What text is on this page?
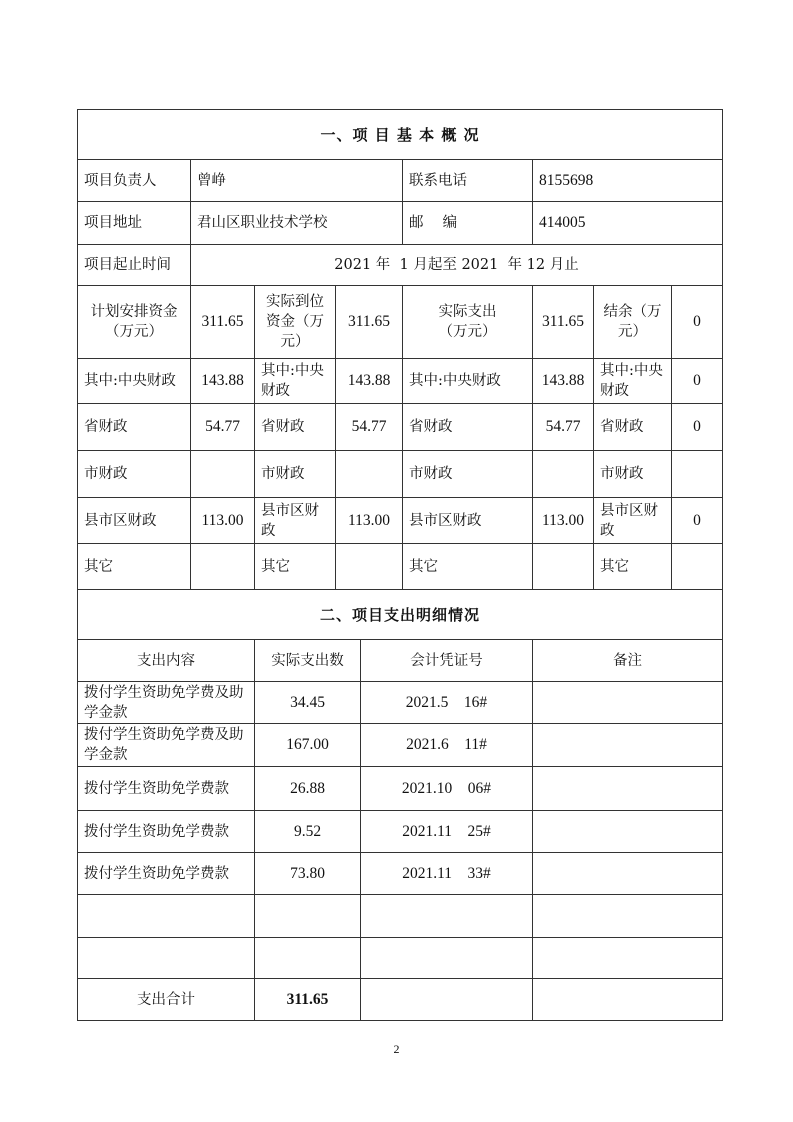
一、项 目 基 本 概 况							
项目负责人	曾峥			联系电话	8155698		
项目地址	君山区职业技术学校			邮　 编	414005		
项目起止时间	2021 年  1 月起至 2021  年 12 月止						
计划安排资金（万元）	311.65	实际到位资金（万元）	311.65	实际支出（万元）	311.65	结余（万元）	0
其中:中央财政	143.88	其中:中央财政	143.88	其中:中央财政	143.88	其中:中央财政	0
省财政	54.77	省财政	54.77	省财政	54.77	省财政	0
市财政		市财政		市财政		市财政	
县市区财政	113.00	县市区财政	113.00	县市区财政	113.00	县市区财政	0
其它		其它		其它		其它	
二、项目支出明细情况			
支出内容	实际支出数	会计凭证号	备注
拨付学生资助免学费及助学金款	34.45	2021.5　16#	
拨付学生资助免学费及助学金款	167.00	2021.6　11#	
拨付学生资助免学费款	26.88	2021.10　06#	
拨付学生资助免学费款	9.52	2021.11　25#	
拨付学生资助免学费款	73.80	2021.11　33#	

支出合计	311.65		
2
